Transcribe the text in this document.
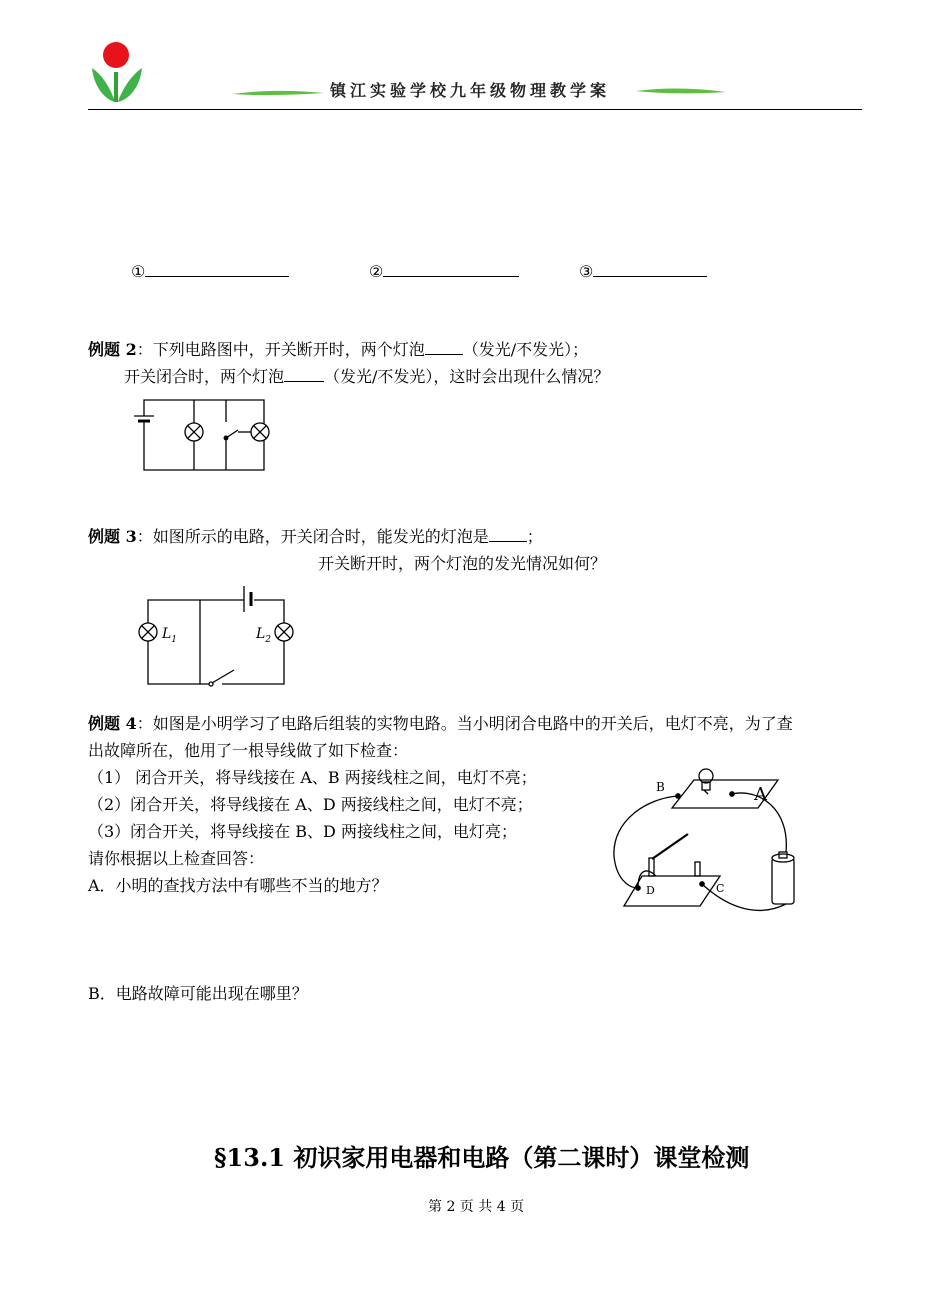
镇江实验学校九年级物理教学案
①	②	③
例题 2：下列电路图中，开关断开时，两个灯泡 （发光/不发光）；
开关闭合时，两个灯泡	（发光/不发光），这时会出现什么情况？
例题 3：如图所示的电路，开关闭合时，能发光的灯泡是 ；
开关断开时，两个灯泡的发光情况如何？
$L_1$	$L_2$
例题 4：如图是小明学习了电路后组装的实物电路。当小明闭合电路中的开关后，电灯不亮，为了查
出故障所在，他用了一根导线做了如下检查：
（1） 闭合开关，将导线接在 A、B 两接线柱之间，电灯不亮；
（2）闭合开关，将导线接在 A、D 两接线柱之间，电灯不亮；
（3）闭合开关，将导线接在 B、D 两接线柱之间，电灯亮；
请你根据以上检查回答：
A．小明的查找方法中有哪些不当的地方？
B．电路故障可能出现在哪里？
B	A
D	C
§13.1 初识家用电器和电路（第二课时）课堂检测
第 2 页 共 4 页
